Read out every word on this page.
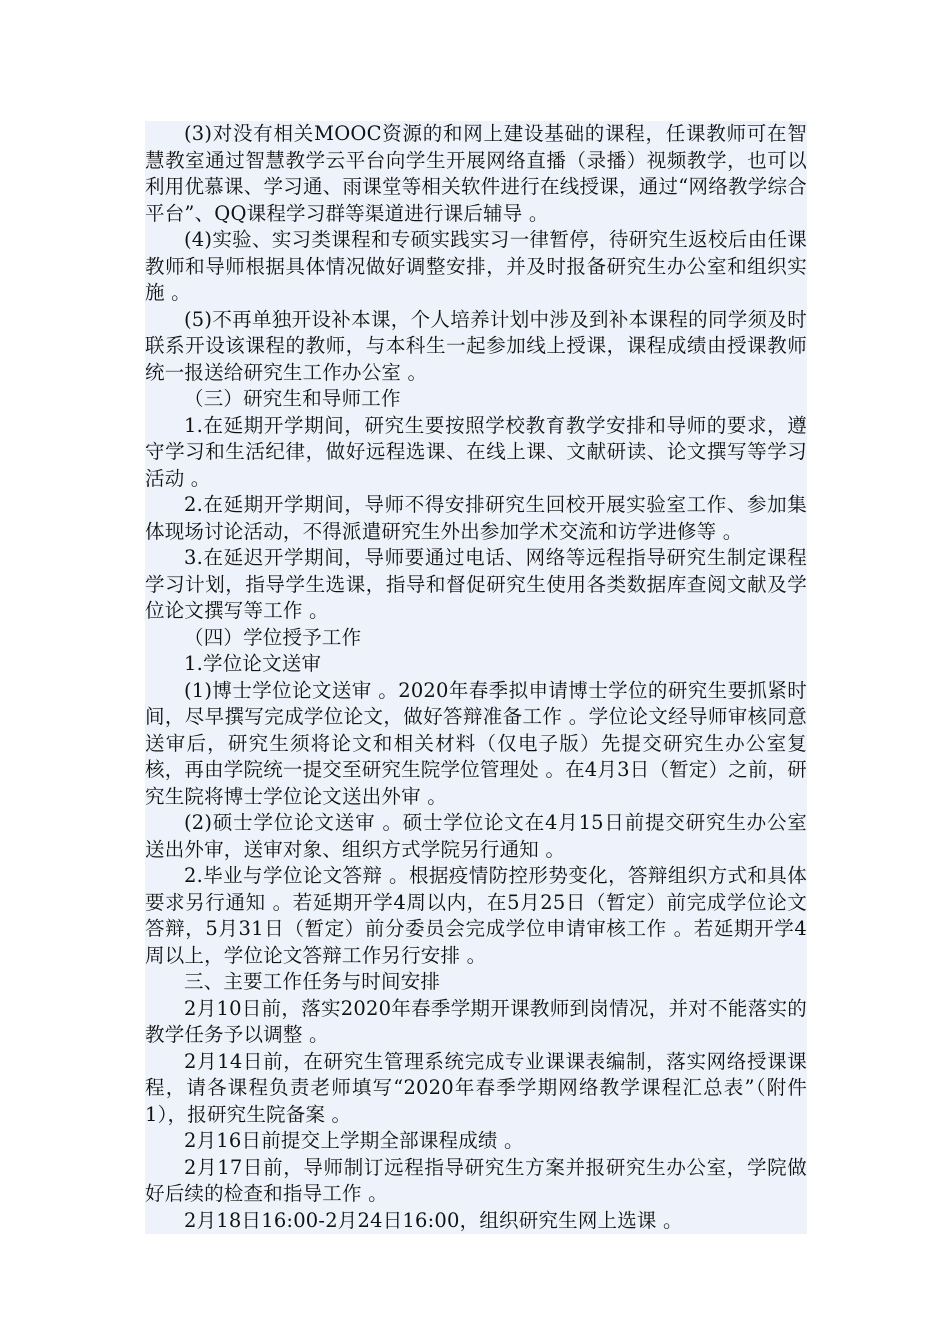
(3)对没有相关MOOC资源的和网上建设基础的课程，任课教师可在智慧教室通过智慧教学云平台向学生开展网络直播（录播）视频教学，也可以利用优慕课、学习通、雨课堂等相关软件进行在线授课，通过“网络教学综合平台”、QQ课程学习群等渠道进行课后辅导 。

(4)实验、实习类课程和专硕实践实习一律暂停，待研究生返校后由任课教师和导师根据具体情况做好调整安排，并及时报备研究生办公室和组织实施 。

(5)不再单独开设补本课，个人培养计划中涉及到补本课程的同学须及时联系开设该课程的教师，与本科生一起参加线上授课，课程成绩由授课教师统一报送给研究生工作办公室 。

（三）研究生和导师工作

1.在延期开学期间，研究生要按照学校教育教学安排和导师的要求，遵守学习和生活纪律，做好远程选课、在线上课、文献研读、论文撰写等学习活动 。

2.在延期开学期间，导师不得安排研究生回校开展实验室工作、参加集体现场讨论活动，不得派遣研究生外出参加学术交流和访学进修等 。

3.在延迟开学期间，导师要通过电话、网络等远程指导研究生制定课程学习计划，指导学生选课，指导和督促研究生使用各类数据库查阅文献及学位论文撰写等工作 。

（四）学位授予工作

1.学位论文送审

(1)博士学位论文送审 。2020年春季拟申请博士学位的研究生要抓紧时间，尽早撰写完成学位论文，做好答辩准备工作 。学位论文经导师审核同意送审后，研究生须将论文和相关材料（仅电子版）先提交研究生办公室复核，再由学院统一提交至研究生院学位管理处 。在4月3日（暂定）之前，研究生院将博士学位论文送出外审 。

(2)硕士学位论文送审 。硕士学位论文在4月15日前提交研究生办公室送出外审，送审对象、组织方式学院另行通知 。

2.毕业与学位论文答辩 。根据疫情防控形势变化，答辩组织方式和具体要求另行通知 。若延期开学4周以内，在5月25日（暂定）前完成学位论文答辩，5月31日（暂定）前分委员会完成学位申请审核工作 。若延期开学4周以上，学位论文答辩工作另行安排 。

三、主要工作任务与时间安排

2月10日前，落实2020年春季学期开课教师到岗情况，并对不能落实的教学任务予以调整 。

2月14日前，在研究生管理系统完成专业课课表编制，落实网络授课课程，请各课程负责老师填写“2020年春季学期网络教学课程汇总表”（附件1），报研究生院备案 。

2月16日前提交上学期全部课程成绩 。

2月17日前，导师制订远程指导研究生方案并报研究生办公室，学院做好后续的检查和指导工作 。

2月18日16:00-2月24日16:00，组织研究生网上选课 。
